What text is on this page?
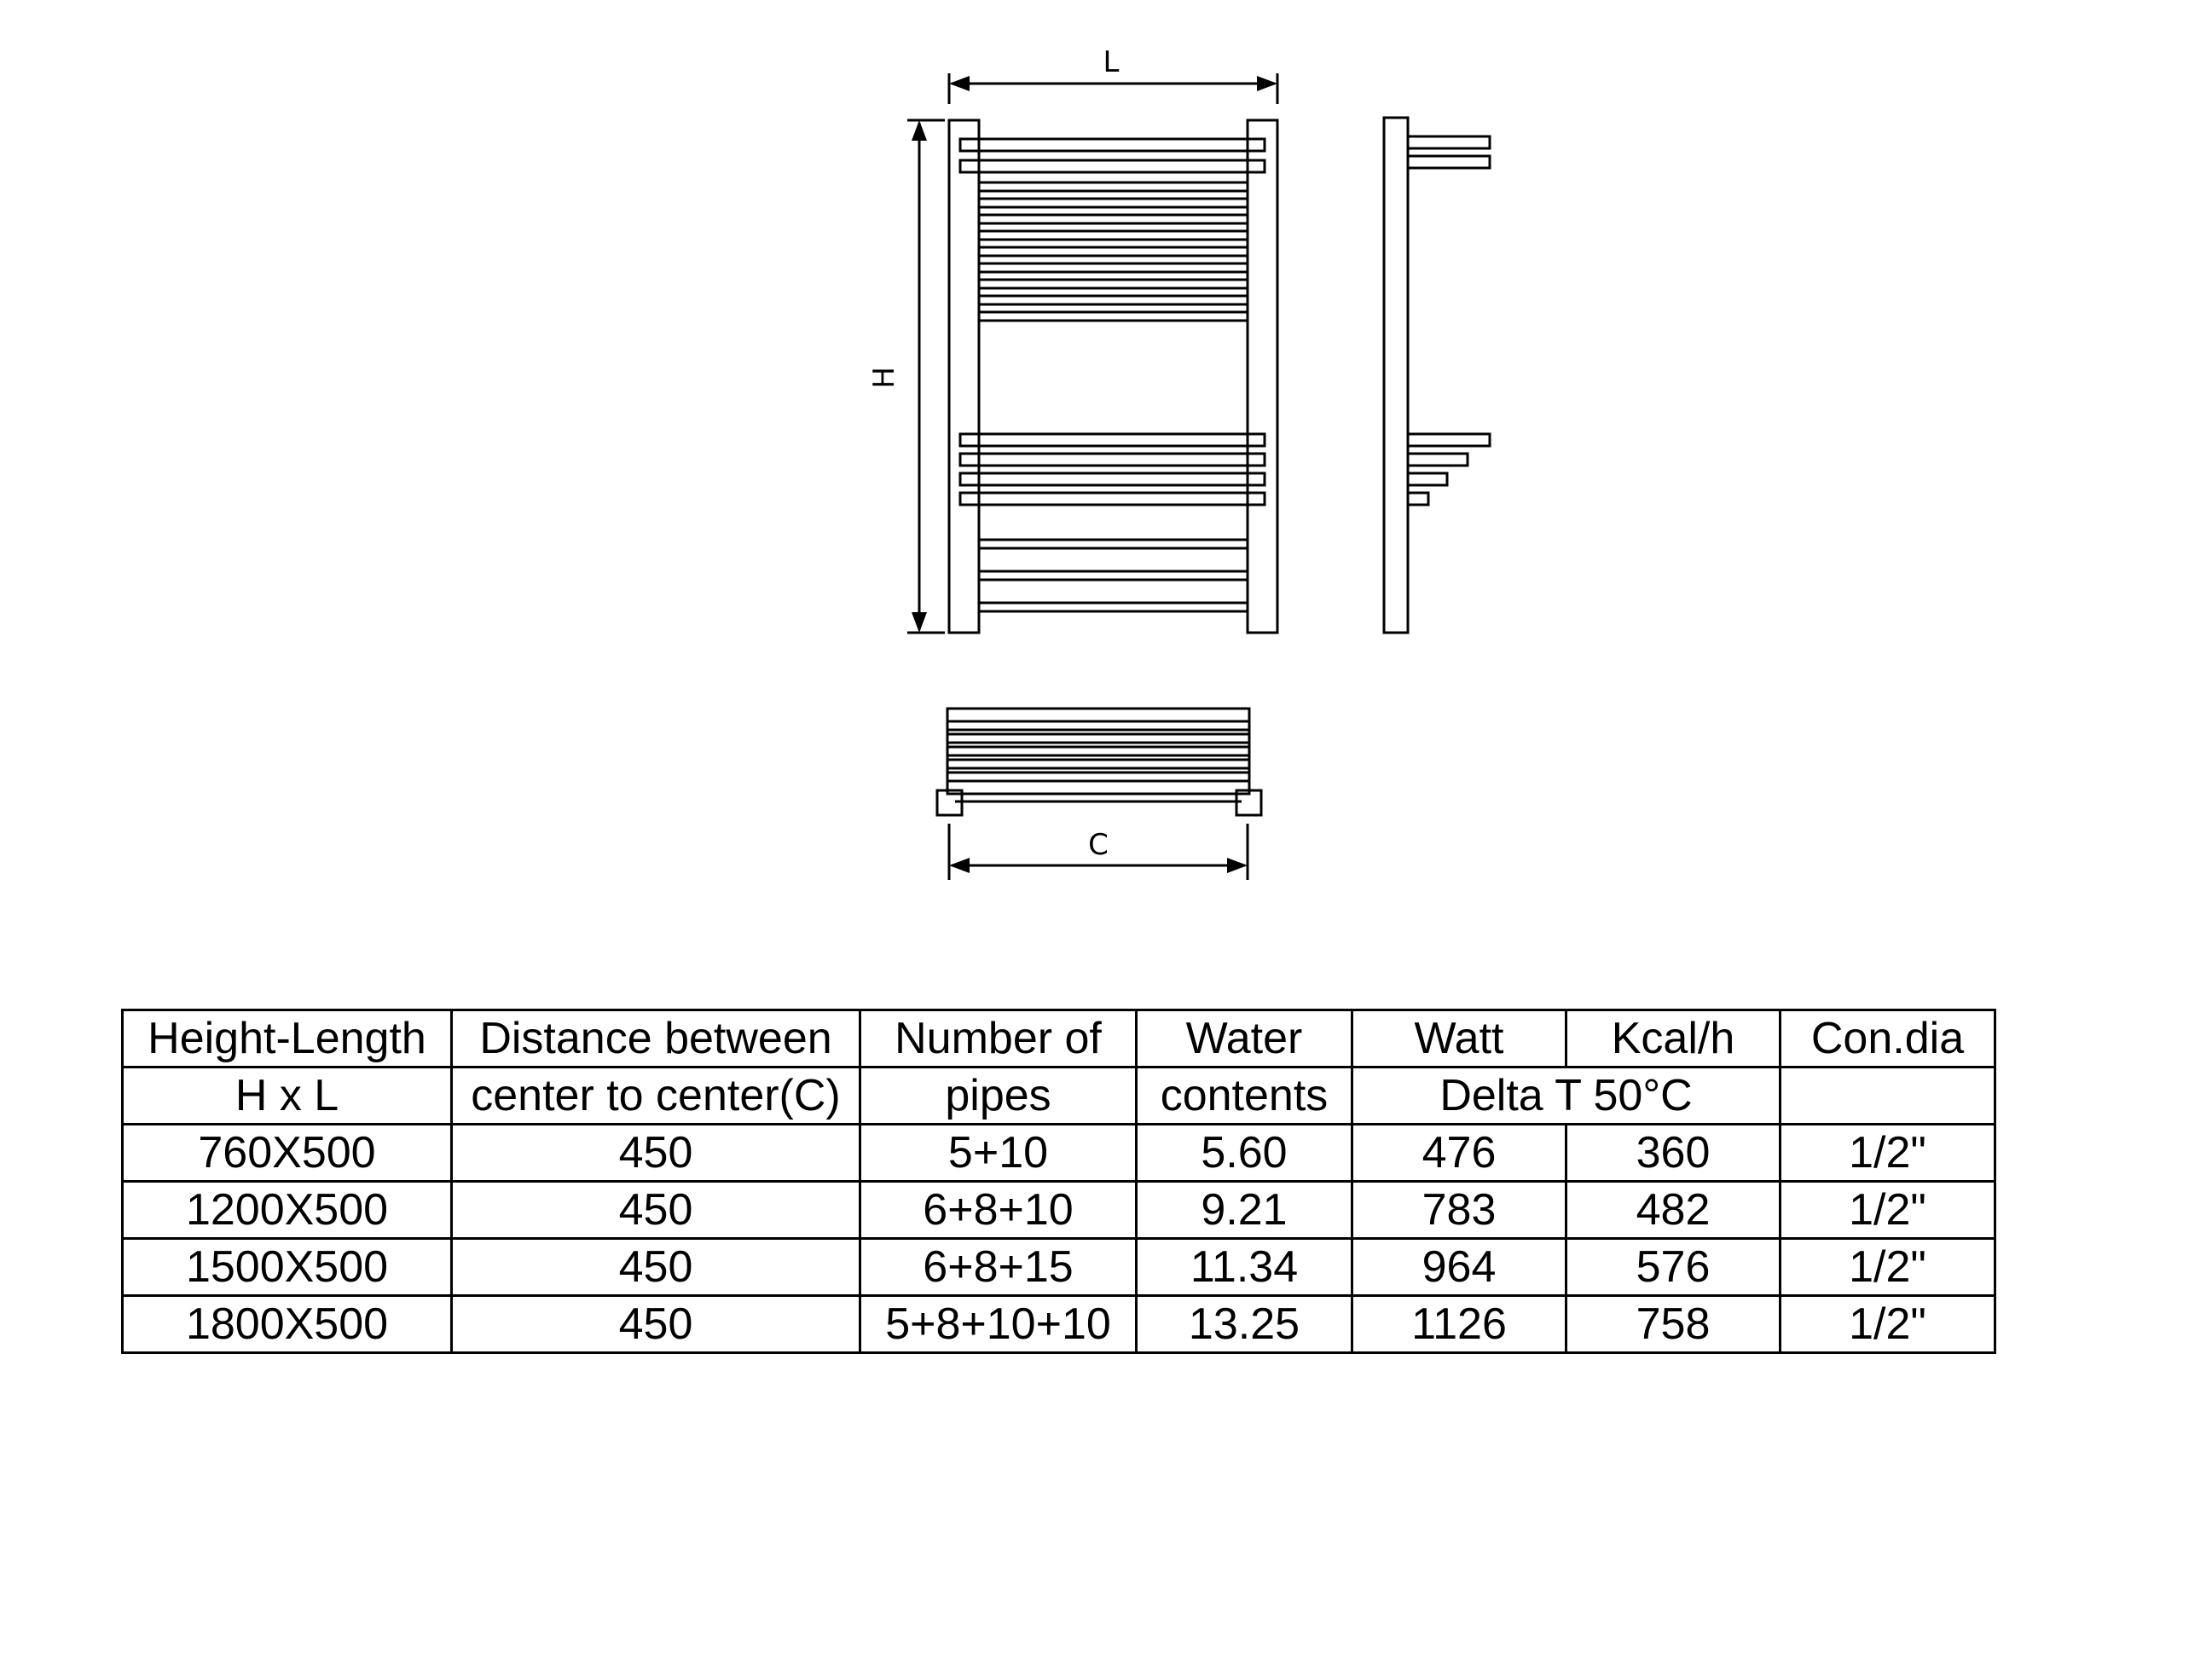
L
H
C
Height-Length	Distance between	Number of	Water	Watt	Kcal/h	Con.dia
H x L	center to center(C)	pipes	contents	Delta T 50°C		
760X500	450	5+10	5.60	476	360	1/2"
1200X500	450	6+8+10	9.21	783	482	1/2"
1500X500	450	6+8+15	11.34	964	576	1/2"
1800X500	450	5+8+10+10	13.25	1126	758	1/2"
